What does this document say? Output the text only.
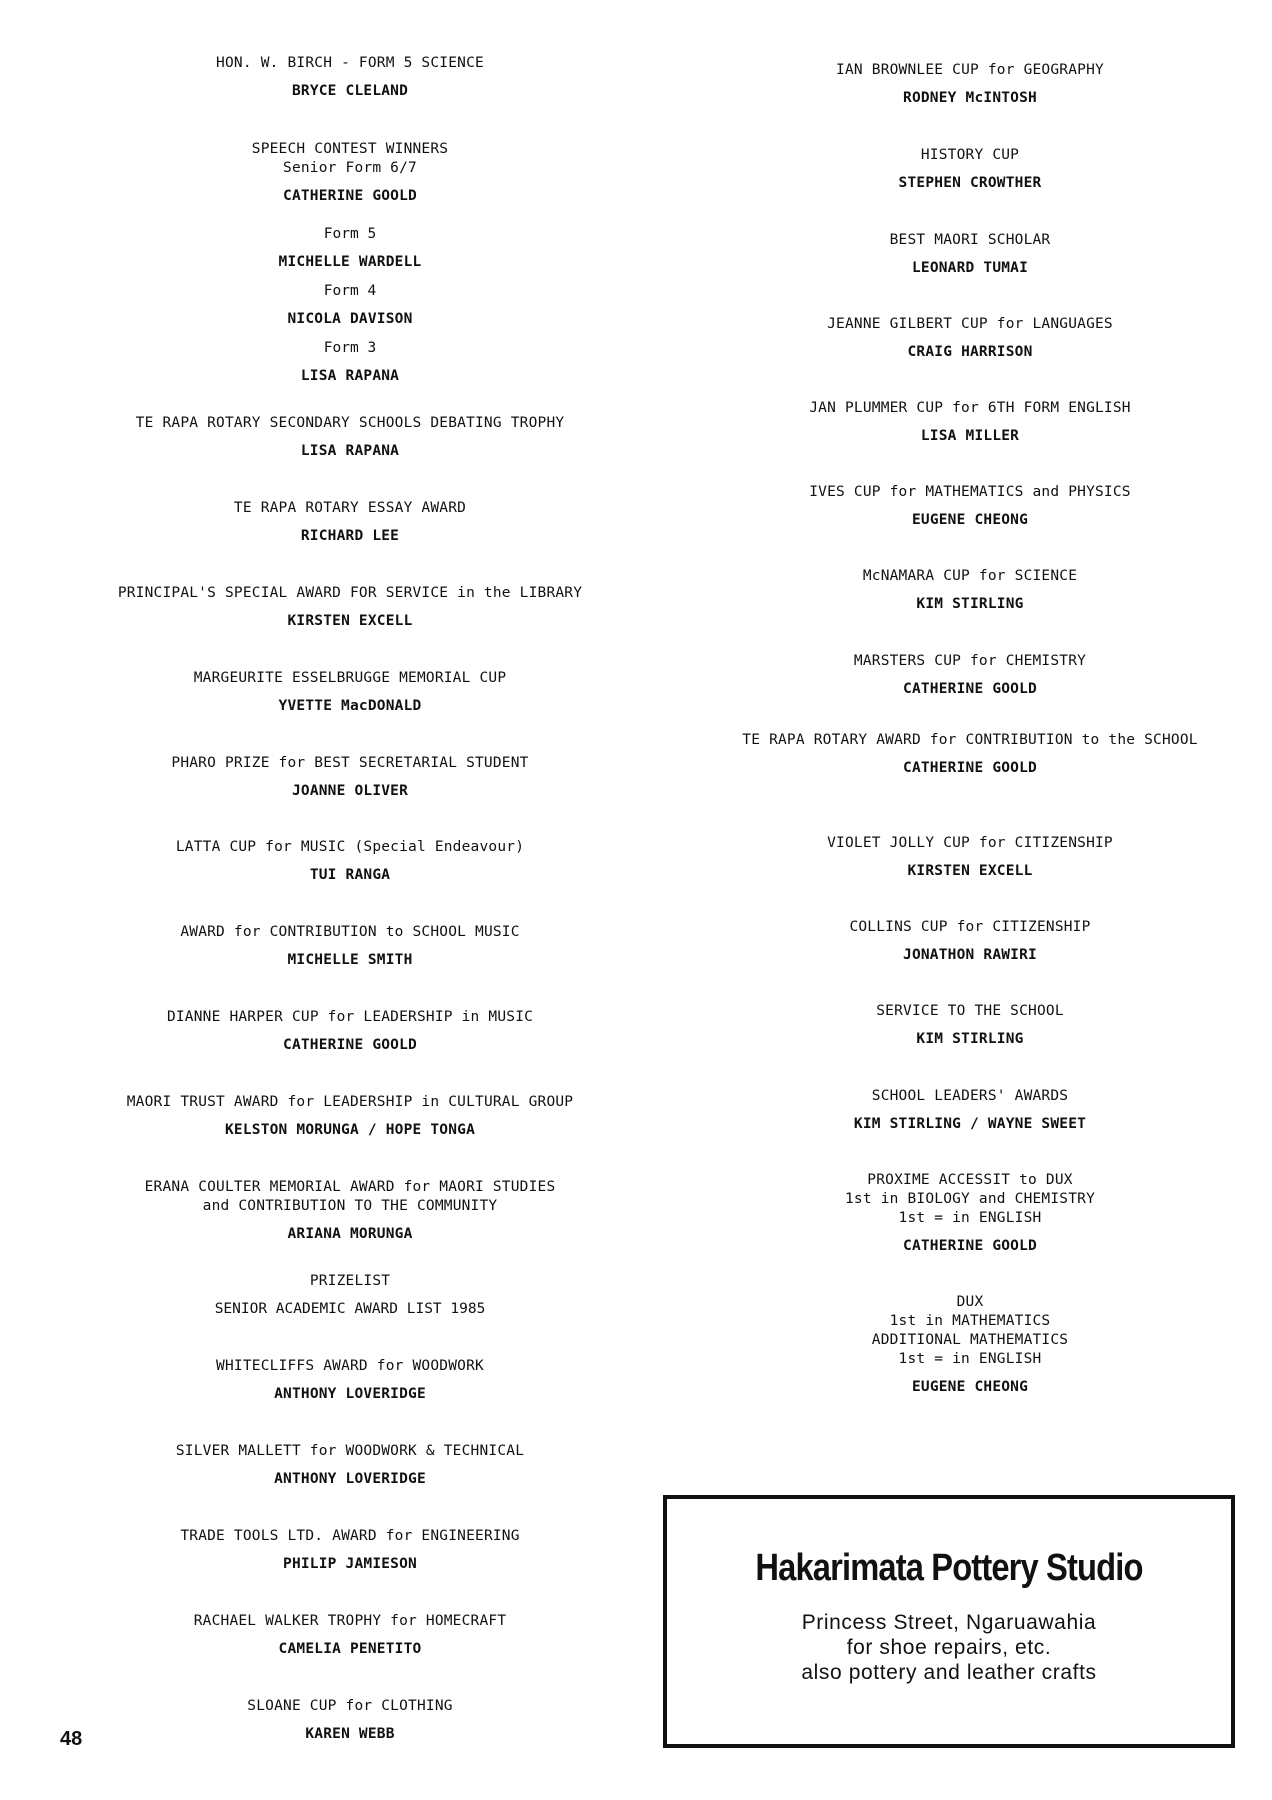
HON. W. BIRCH - FORM 5 SCIENCE
BRYCE CLELAND
SPEECH CONTEST WINNERS
Senior Form 6/7
CATHERINE GOOLD
Form 5
MICHELLE WARDELL
Form 4
NICOLA DAVISON
Form 3
LISA RAPANA
TE RAPA ROTARY SECONDARY SCHOOLS DEBATING TROPHY
LISA RAPANA
TE RAPA ROTARY ESSAY AWARD
RICHARD LEE
PRINCIPAL'S SPECIAL AWARD FOR SERVICE in the LIBRARY
KIRSTEN EXCELL
MARGEURITE ESSELBRUGGE MEMORIAL CUP
YVETTE MacDONALD
PHARO PRIZE for BEST SECRETARIAL STUDENT
JOANNE OLIVER
LATTA CUP for MUSIC (Special Endeavour)
TUI RANGA
AWARD for CONTRIBUTION to SCHOOL MUSIC
MICHELLE SMITH
DIANNE HARPER CUP for LEADERSHIP in MUSIC
CATHERINE GOOLD
MAORI TRUST AWARD for LEADERSHIP in CULTURAL GROUP
KELSTON MORUNGA / HOPE TONGA
ERANA COULTER MEMORIAL AWARD for MAORI STUDIES
and CONTRIBUTION TO THE COMMUNITY
ARIANA MORUNGA
PRIZELIST
SENIOR ACADEMIC AWARD LIST 1985
WHITECLIFFS AWARD for WOODWORK
ANTHONY LOVERIDGE
SILVER MALLETT for WOODWORK & TECHNICAL
ANTHONY LOVERIDGE
TRADE TOOLS LTD. AWARD for ENGINEERING
PHILIP JAMIESON
RACHAEL WALKER TROPHY for HOMECRAFT
CAMELIA PENETITO
SLOANE CUP for CLOTHING
KAREN WEBB
IAN BROWNLEE CUP for GEOGRAPHY
RODNEY McINTOSH
HISTORY CUP
STEPHEN CROWTHER
BEST MAORI SCHOLAR
LEONARD TUMAI
JEANNE GILBERT CUP for LANGUAGES
CRAIG HARRISON
JAN PLUMMER CUP for 6TH FORM ENGLISH
LISA MILLER
IVES CUP for MATHEMATICS and PHYSICS
EUGENE CHEONG
McNAMARA CUP for SCIENCE
KIM STIRLING
MARSTERS CUP for CHEMISTRY
CATHERINE GOOLD
TE RAPA ROTARY AWARD for CONTRIBUTION to the SCHOOL
CATHERINE GOOLD
VIOLET JOLLY CUP for CITIZENSHIP
KIRSTEN EXCELL
COLLINS CUP for CITIZENSHIP
JONATHON RAWIRI
SERVICE TO THE SCHOOL
KIM STIRLING
SCHOOL LEADERS' AWARDS
KIM STIRLING / WAYNE SWEET
PROXIME ACCESSIT to DUX
1st in BIOLOGY and CHEMISTRY
1st = in ENGLISH
CATHERINE GOOLD
DUX
1st in MATHEMATICS
ADDITIONAL MATHEMATICS
1st = in ENGLISH
EUGENE CHEONG
Hakarimata Pottery Studio
Princess Street, Ngaruawahia
for shoe repairs, etc.
also pottery and leather crafts
48
